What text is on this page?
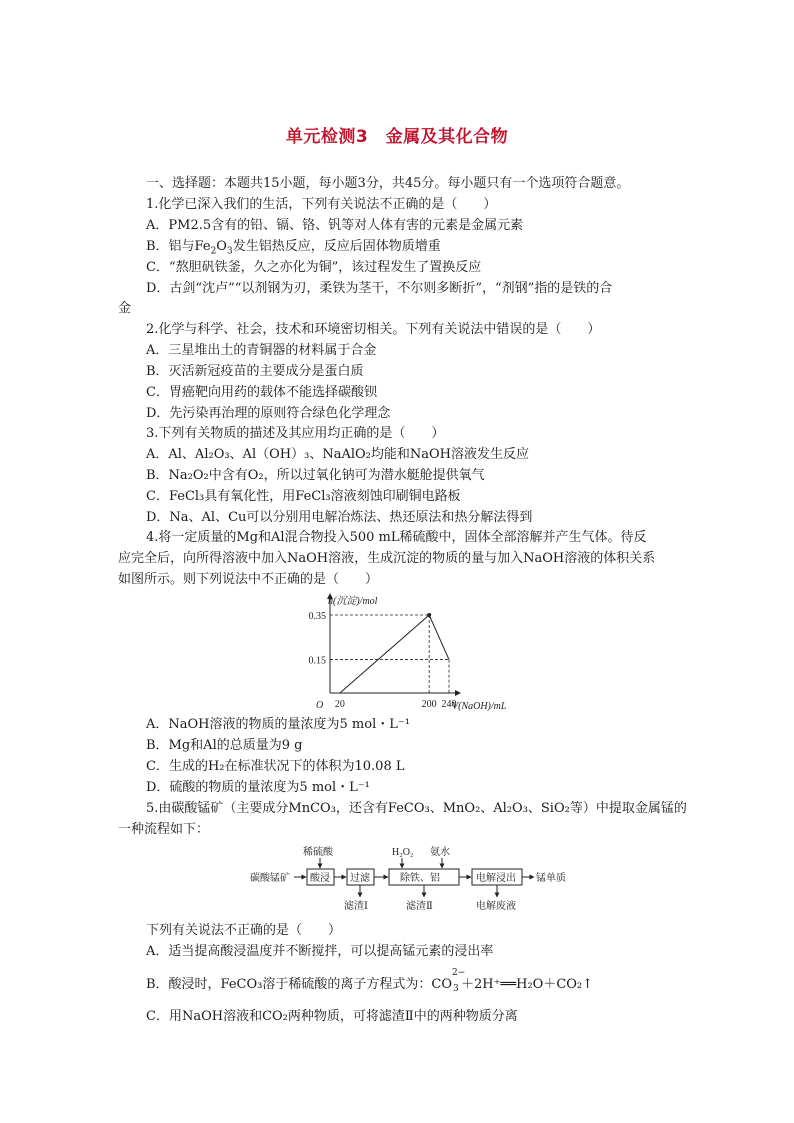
单元检测3　金属及其化合物
一、选择题：本题共15小题，每小题3分，共45分。每小题只有一个选项符合题意。
1.化学已深入我们的生活，下列有关说法不正确的是（　　）
A．PM2.5含有的铅、镉、铬、钒等对人体有害的元素是金属元素
B．铝与$Fe_2O_3$发生铝热反应，反应后固体物质增重
C．“熬胆矾铁釜，久之亦化为铜”，该过程发生了置换反应
D．古剑“沈卢”“以剂钢为刃，柔铁为茎干，不尔则多断折”，“剂钢”指的是铁的合
金
2.化学与科学、社会，技术和环境密切相关。下列有关说法中错误的是（　　）
A．三星堆出土的青铜器的材料属于合金
B．灭活新冠疫苗的主要成分是蛋白质
C．胃癌靶向用药的载体不能选择碳酸钡
D．先污染再治理的原则符合绿色化学理念
3.下列有关物质的描述及其应用均正确的是（　　）
A．Al、Al₂O₃、Al（OH）₃、NaAlO₂均能和NaOH溶液发生反应
B．Na₂O₂中含有O₂，所以过氧化钠可为潜水艇舱提供氧气
C．FeCl₃具有氧化性，用FeCl₃溶液刻蚀印刷铜电路板
D．Na、Al、Cu可以分别用电解冶炼法、热还原法和热分解法得到
4.将一定质量的Mg和Al混合物投入500 mL稀硫酸中，固体全部溶解并产生气体。待反
应完全后，向所得溶液中加入NaOH溶液，生成沉淀的物质的量与加入NaOH溶液的体积关系
如图所示。则下列说法中不正确的是（　　）
n(沉淀)/mol
V(NaOH)/mL
O
0.35
0.15
20	200 240
A．NaOH溶液的物质的量浓度为5 mol・L⁻¹
B．Mg和Al的总质量为9 g
C．生成的H₂在标准状况下的体积为10.08 L
D．硫酸的物质的量浓度为5 mol・L⁻¹
5.由碳酸锰矿（主要成分MnCO₃，还含有FeCO₃、MnO₂、Al₂O₃、SiO₂等）中提取金属锰的
一种流程如下：
碳酸锰矿 酸浸
稀硫酸
过滤
滤渣Ⅰ
除铁、铝
H₂O₂ 氨水
滤渣Ⅱ
电解浸出
电解废液
锰单质
下列有关说法不正确的是（　　）
A．适当提高酸浸温度并不断搅拌，可以提高锰元素的浸出率
B．酸浸时，FeCO₃溶于稀硫酸的离子方程式为：CO
2−
3 ＋2H⁺══H₂O＋CO₂↑
C．用NaOH溶液和CO₂两种物质，可将滤渣Ⅱ中的两种物质分离
